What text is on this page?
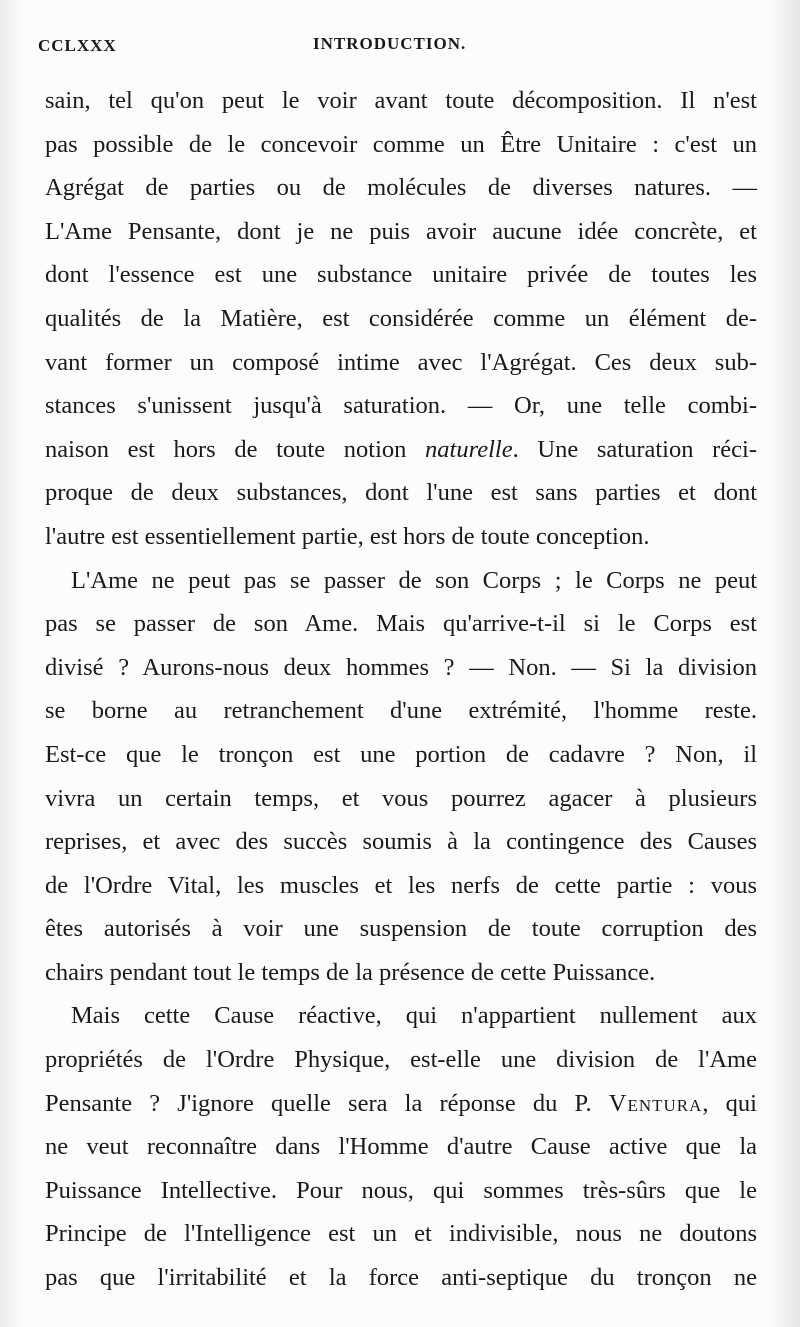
CCLXXX	INTRODUCTION.
sain, tel qu'on peut le voir avant toute décomposition. Il n'est
pas possible de le concevoir comme un Être Unitaire : c'est un
Agrégat de parties ou de molécules de diverses natures. —
L'Ame Pensante, dont je ne puis avoir aucune idée concrète, et
dont l'essence est une substance unitaire privée de toutes les
qualités de la Matière, est considérée comme un élément de-
vant former un composé intime avec l'Agrégat. Ces deux sub-
stances s'unissent jusqu'à saturation. — Or, une telle combi-
naison est hors de toute notion naturelle. Une saturation réci-
proque de deux substances, dont l'une est sans parties et dont
l'autre est essentiellement partie, est hors de toute conception.
L'Ame ne peut pas se passer de son Corps ; le Corps ne peut
pas se passer de son Ame. Mais qu'arrive-t-il si le Corps est
divisé ? Aurons-nous deux hommes ? — Non. — Si la division
se borne au retranchement d'une extrémité, l'homme reste.
Est-ce que le tronçon est une portion de cadavre ? Non, il
vivra un certain temps, et vous pourrez agacer à plusieurs
reprises, et avec des succès soumis à la contingence des Causes
de l'Ordre Vital, les muscles et les nerfs de cette partie : vous
êtes autorisés à voir une suspension de toute corruption des
chairs pendant tout le temps de la présence de cette Puissance.
Mais cette Cause réactive, qui n'appartient nullement aux
propriétés de l'Ordre Physique, est-elle une division de l'Ame
Pensante ? J'ignore quelle sera la réponse du P. Ventura, qui
ne veut reconnaître dans l'Homme d'autre Cause active que la
Puissance Intellective. Pour nous, qui sommes très-sûrs que le
Principe de l'Intelligence est un et indivisible, nous ne doutons
pas que l'irritabilité et la force anti-septique du tronçon ne
